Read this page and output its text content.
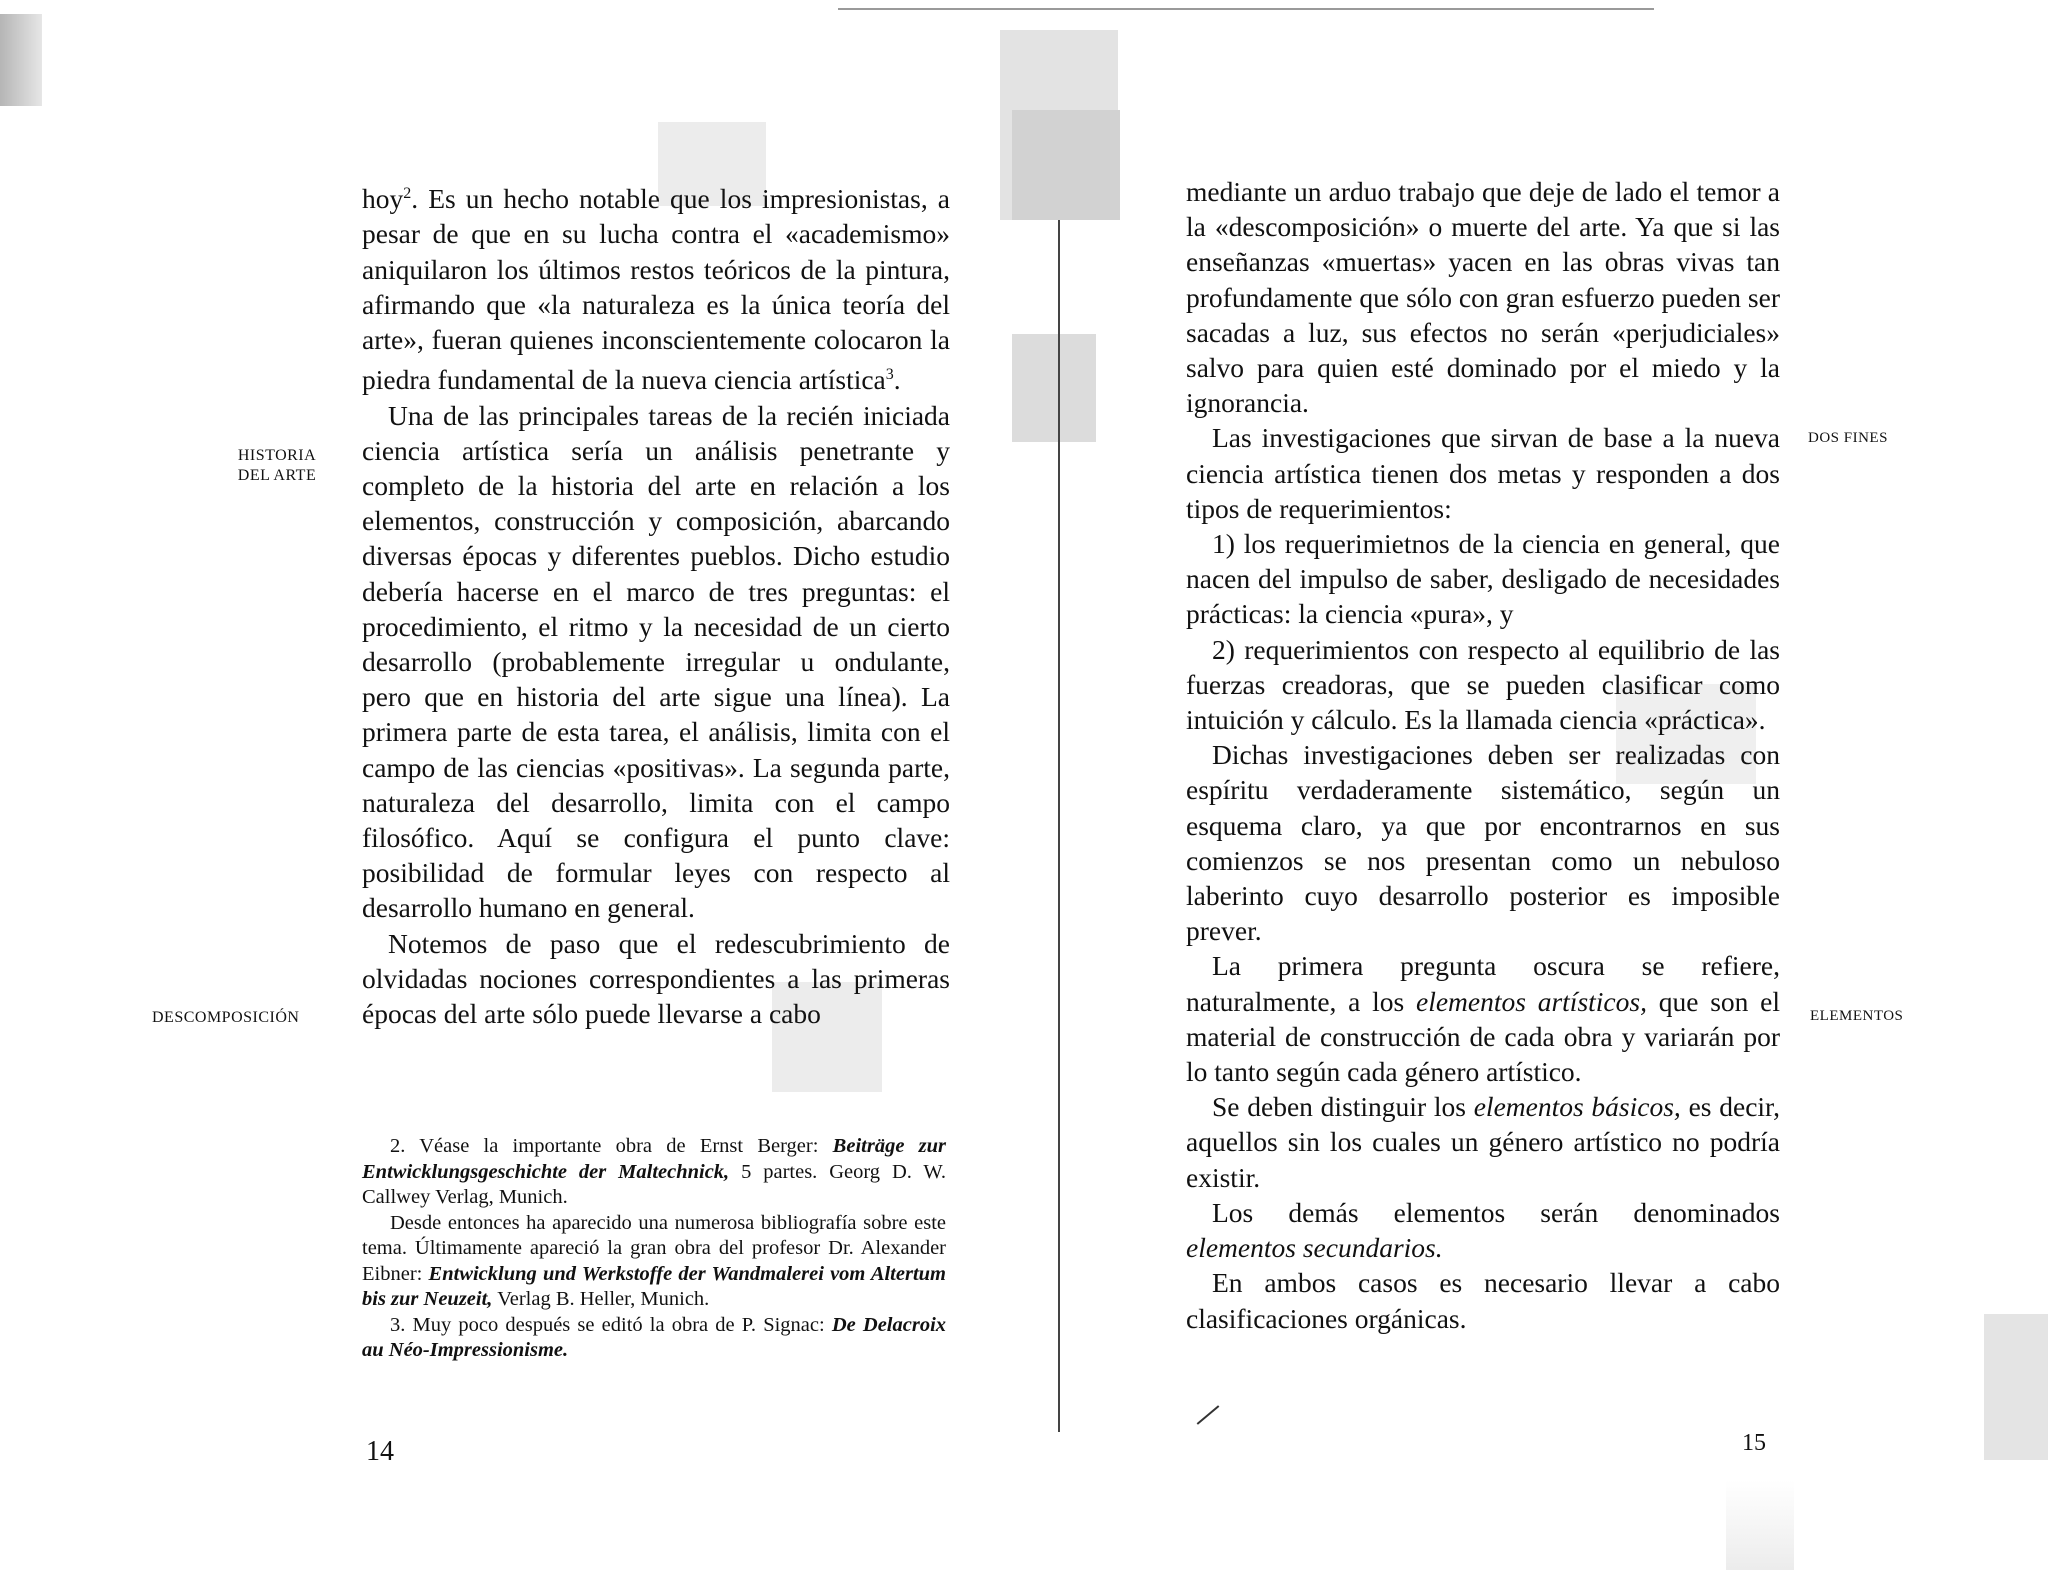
HISTORIA DEL ARTE
DESCOMPOSICIÓN

hoy$^2$. Es un hecho notable que los impresionistas, a pesar de que en su lucha contra el «academismo» aniquilaron los últimos restos teóricos de la pintura, afirmando que «la naturaleza es la única teoría del arte», fueran quienes inconscientemente colocaron la piedra fundamental de la nueva ciencia artística$^3$.

Una de las principales tareas de la recién iniciada ciencia artística sería un análisis penetrante y completo de la historia del arte en relación a los elementos, construcción y composición, abarcando diversas épocas y diferentes pueblos. Dicho estudio debería hacerse en el marco de tres preguntas: el procedimiento, el ritmo y la necesidad de un cierto desarrollo (probablemente irregular u ondulante, pero que en historia del arte sigue una línea). La primera parte de esta tarea, el análisis, limita con el campo de las ciencias «positivas». La segunda parte, naturaleza del desarrollo, limita con el campo filosófico. Aquí se configura el punto clave: posibilidad de formular leyes con respecto al desarrollo humano en general.

Notemos de paso que el redescubrimiento de olvidadas nociones correspondientes a las primeras épocas del arte sólo puede llevarse a cabo

2. Véase la importante obra de Ernst Berger: Beiträge zur Entwicklungsgeschichte der Maltechnick, 5 partes. Georg D. W. Callwey Verlag, Munich.

Desde entonces ha aparecido una numerosa bibliografía sobre este tema. Últimamente apareció la gran obra del profesor Dr. Alexander Eibner: Entwicklung und Werkstoffe der Wandmalerei vom Altertum bis zur Neuzeit, Verlag B. Heller, Munich.

3. Muy poco después se editó la obra de P. Signac: De Delacroix au Néo-Impressionisme.

14
DOS FINES
ELEMENTOS

mediante un arduo trabajo que deje de lado el temor a la «descomposición» o muerte del arte. Ya que si las enseñanzas «muertas» yacen en las obras vivas tan profundamente que sólo con gran esfuerzo pueden ser sacadas a luz, sus efectos no serán «perjudiciales» salvo para quien esté dominado por el miedo y la ignorancia.

Las investigaciones que sirvan de base a la nueva ciencia artística tienen dos metas y responden a dos tipos de requerimientos:

1) los requerimietnos de la ciencia en general, que nacen del impulso de saber, desligado de necesidades prácticas: la ciencia «pura», y

2) requerimientos con respecto al equilibrio de las fuerzas creadoras, que se pueden clasificar como intuición y cálculo. Es la llamada ciencia «práctica».

Dichas investigaciones deben ser realizadas con espíritu verdaderamente sistemático, según un esquema claro, ya que por encontrarnos en sus comienzos se nos presentan como un nebuloso laberinto cuyo desarrollo posterior es imposible prever.

La primera pregunta oscura se refiere, naturalmente, a los elementos artísticos, que son el material de construcción de cada obra y variarán por lo tanto según cada género artístico.

Se deben distinguir los elementos básicos, es decir, aquellos sin los cuales un género artístico no podría existir.

Los demás elementos serán denominados elementos secundarios.

En ambos casos es necesario llevar a cabo clasificaciones orgánicas.

15
